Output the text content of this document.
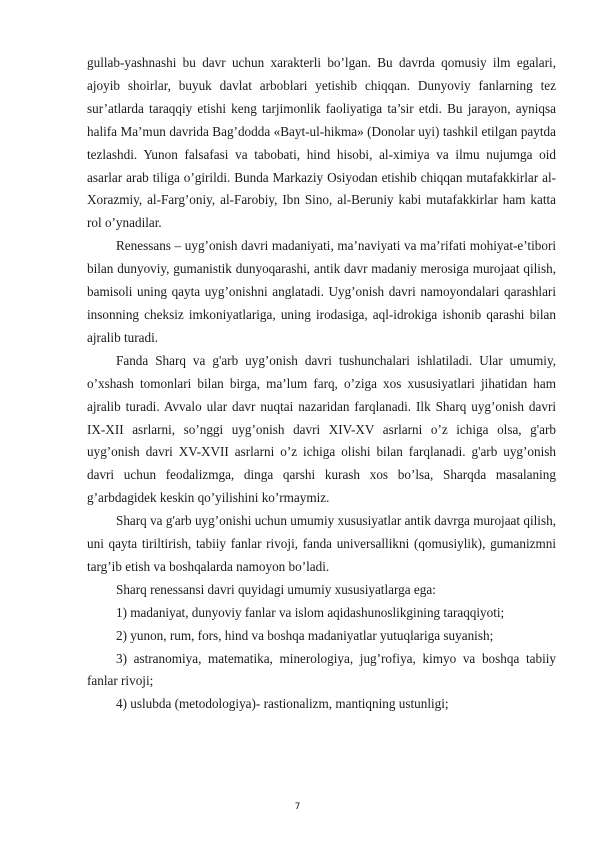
gullab-yashnashi bu davr uchun xarakterli bo’lgan. Bu davrda qomusiy ilm egalari, ajoyib shoirlar, buyuk davlat arboblari yetishib chiqqan. Dunyoviy fanlarning tez sur’atlarda taraqqiy etishi keng tarjimonlik faoliyatiga ta’sir etdi. Bu jarayon, ayniqsa halifa Ma’mun davrida Bag’dodda «Bayt-ul-hikma» (Donolar uyi) tashkil etilgan paytda tezlashdi. Yunon falsafasi va tabobati, hind hisobi, al-ximiya va ilmu nujumga oid asarlar arab tiliga o’girildi. Bunda Markaziy Osiyodan etishib chiqqan mutafakkirlar al-Xorazmiy, al-Farg’oniy, al-Farobiy, Ibn Sino, al-Beruniy kabi mutafakkirlar ham katta rol o’ynadilar.

Renessans – uyg’onish davri madaniyati, ma’naviyati va ma’rifati mohiyat-e’tibori bilan dunyoviy, gumanistik dunyoqarashi, antik davr madaniy merosiga murojaat qilish, bamisoli uning qayta uyg’onishni anglatadi. Uyg’onish davri namoyondalari qarashlari insonning cheksiz imkoniyatlariga, uning irodasiga, aql-idrokiga ishonib qarashi bilan ajralib turadi.

Fanda Sharq va g'arb uyg’onish davri tushunchalari ishlatiladi. Ular umumiy, o’xshash tomonlari bilan birga, ma’lum farq, o’ziga xos xususiyatlari jihatidan ham ajralib turadi. Avvalo ular davr nuqtai nazaridan farqlanadi. Ilk Sharq uyg’onish davri IX-XII asrlarni, so’nggi uyg’onish davri XIV-XV asrlarni o’z ichiga olsa, g'arb uyg’onish davri XV-XVII asrlarni o’z ichiga olishi bilan farqlanadi. g'arb uyg’onish davri uchun feodalizmga, dinga qarshi kurash xos bo’lsa, Sharqda masalaning g’arbdagidek keskin qo’yilishini ko’rmaymiz.

Sharq va g'arb uyg’onishi uchun umumiy xususiyatlar antik davrga murojaat qilish, uni qayta tiriltirish, tabiiy fanlar rivoji, fanda universallikni (qomusiylik), gumanizmni targ’ib etish va boshqalarda namoyon bo’ladi.

Sharq renessansi davri quyidagi umumiy xususiyatlarga ega:

1) madaniyat, dunyoviy fanlar va islom aqidashunoslikgining taraqqiyoti;

2) yunon, rum, fors, hind va boshqa madaniyatlar yutuqlariga suyanish;

3) astranomiya, matematika, minerologiya, jug’rofiya, kimyo va boshqa tabiiy fanlar rivoji;

4) uslubda (metodologiya)- rastionalizm, mantiqning ustunligi;

7
